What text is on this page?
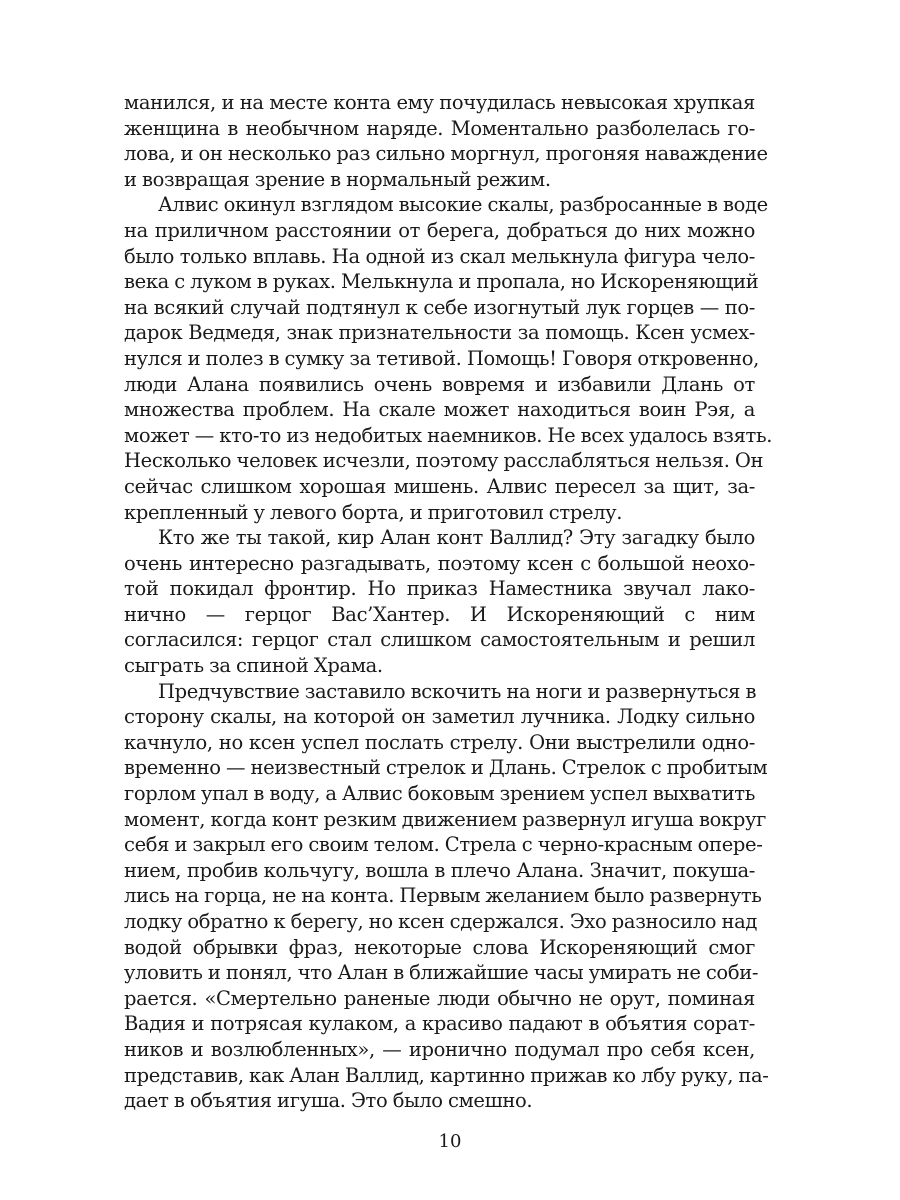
манился, и на месте конта ему почудилась невысокая хрупкая
женщина в необычном наряде. Моментально разболелась го-
лова, и он несколько раз сильно моргнул, прогоняя наваждение
и возвращая зрение в нормальный режим.
Алвис окинул взглядом высокие скалы, разбросанные в воде
на приличном расстоянии от берега, добраться до них можно
было только вплавь. На одной из скал мелькнула фигура чело-
века с луком в руках. Мелькнула и пропала, но Искореняющий
на всякий случай подтянул к себе изогнутый лук горцев — по-
дарок Ведмедя, знак признательности за помощь. Ксен усмех-
нулся и полез в сумку за тетивой. Помощь! Говоря откровенно,
люди Алана появились очень вовремя и избавили Длань от
множества проблем. На скале может находиться воин Рэя, а
может — кто-то из недобитых наемников. Не всех удалось взять.
Несколько человек исчезли, поэтому расслабляться нельзя. Он
сейчас слишком хорошая мишень. Алвис пересел за щит, за-
крепленный у левого борта, и приготовил стрелу.
Кто же ты такой, кир Алан конт Валлид? Эту загадку было
очень интересно разгадывать, поэтому ксен с большой неохо-
той покидал фронтир. Но приказ Наместника звучал лако-
нично — герцог Вас’Хантер. И Искореняющий с ним
согласился: герцог стал слишком самостоятельным и решил
сыграть за спиной Храма.
Предчувствие заставило вскочить на ноги и развернуться в
сторону скалы, на которой он заметил лучника. Лодку сильно
качнуло, но ксен успел послать стрелу. Они выстрелили одно-
временно — неизвестный стрелок и Длань. Стрелок с пробитым
горлом упал в воду, а Алвис боковым зрением успел выхватить
момент, когда конт резким движением развернул игуша вокруг
себя и закрыл его своим телом. Стрела с черно-красным опере-
нием, пробив кольчугу, вошла в плечо Алана. Значит, покуша-
лись на горца, не на конта. Первым желанием было развернуть
лодку обратно к берегу, но ксен сдержался. Эхо разносило над
водой обрывки фраз, некоторые слова Искореняющий смог
уловить и понял, что Алан в ближайшие часы умирать не соби-
рается. «Смертельно раненые люди обычно не орут, поминая
Вадия и потрясая кулаком, а красиво падают в объятия сорат-
ников и возлюбленных», — иронично подумал про себя ксен,
представив, как Алан Валлид, картинно прижав ко лбу руку, па-
дает в объятия игуша. Это было смешно.
10
